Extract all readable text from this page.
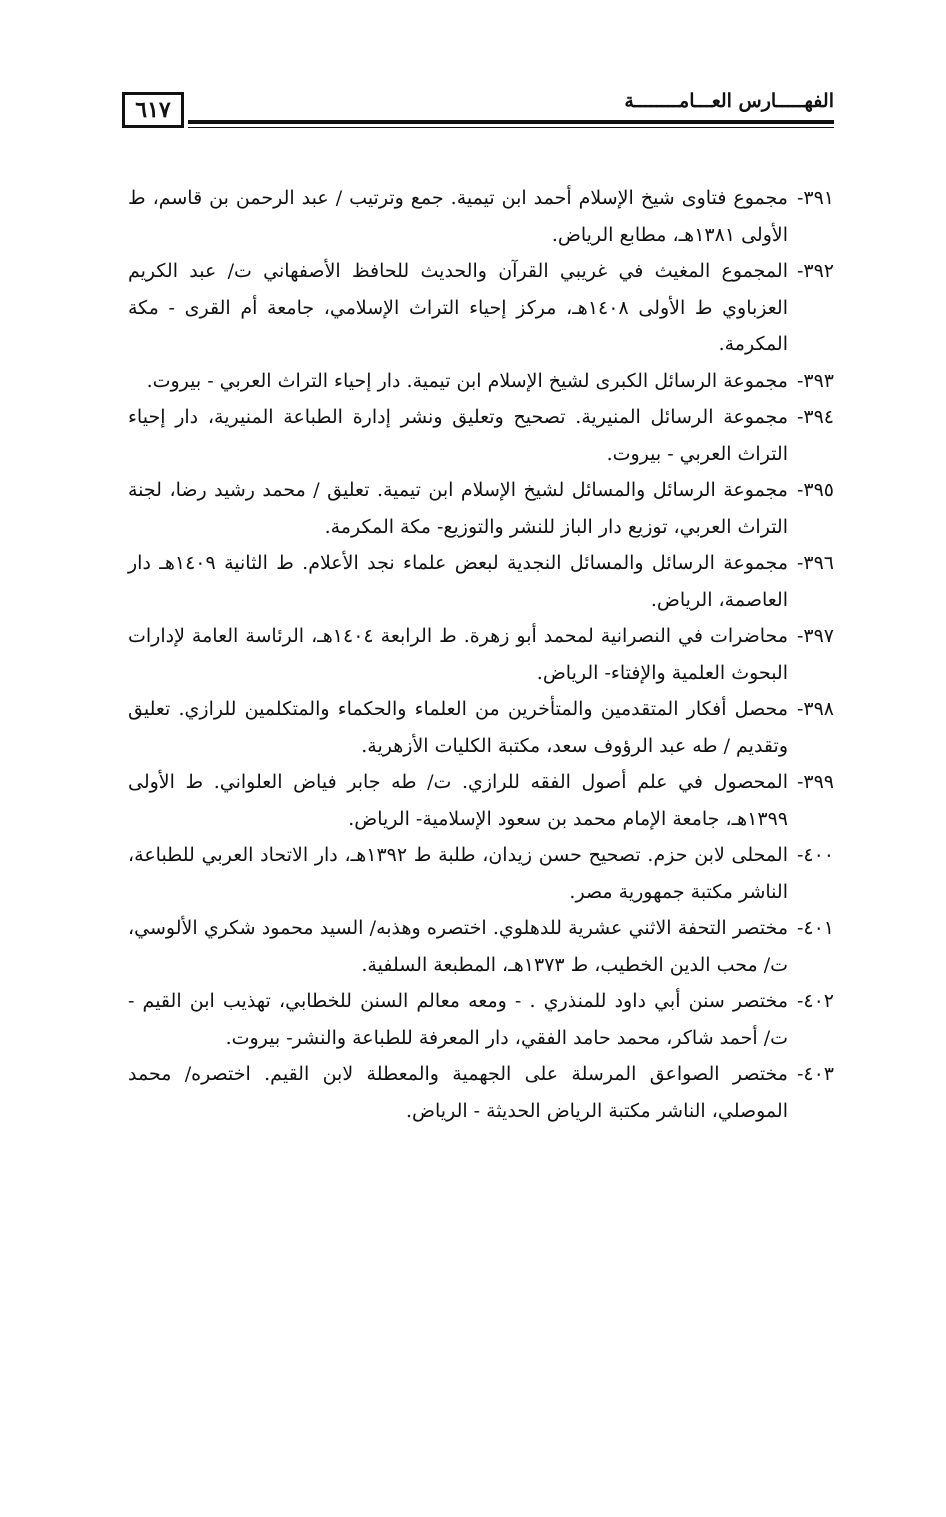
٦١٧	الفهـــــارس العـــامــــــــة

٣٩١-
مجموع فتاوى شيخ الإسلام أحمد ابن تيمية. جمع وترتيب / عبد الرحمن بن قاسم، ط الأولى ١٣٨١هـ، مطابع الرياض.

٣٩٢-
المجموع المغيث في غريبي القرآن والحديث للحافظ الأصفهاني ت/ عبد الكريم العزباوي ط الأولى ١٤٠٨هـ، مركز إحياء التراث الإسلامي، جامعة أم القرى - مكة المكرمة.

٣٩٣-
مجموعة الرسائل الكبرى لشيخ الإسلام ابن تيمية. دار إحياء التراث العربي - بيروت.

٣٩٤-
مجموعة الرسائل المنيرية. تصحيح وتعليق ونشر إدارة الطباعة المنيرية، دار إحياء التراث العربي - بيروت.

٣٩٥-
مجموعة الرسائل والمسائل لشيخ الإسلام ابن تيمية. تعليق / محمد رشيد رضا، لجنة التراث العربي، توزيع دار الباز للنشر والتوزيع- مكة المكرمة.

٣٩٦-
مجموعة الرسائل والمسائل النجدية لبعض علماء نجد الأعلام. ط الثانية ١٤٠٩هـ دار العاصمة، الرياض.

٣٩٧-
محاضرات في النصرانية لمحمد أبو زهرة. ط الرابعة ١٤٠٤هـ، الرئاسة العامة لإدارات البحوث العلمية والإفتاء- الرياض.

٣٩٨-
محصل أفكار المتقدمين والمتأخرين من العلماء والحكماء والمتكلمين للرازي. تعليق وتقديم / طه عبد الرؤوف سعد، مكتبة الكليات الأزهرية.

٣٩٩-
المحصول في علم أصول الفقه للرازي. ت/ طه جابر فياض العلواني. ط الأولى ١٣٩٩هـ، جامعة الإمام محمد بن سعود الإسلامية- الرياض.

٤٠٠-
المحلى لابن حزم. تصحيح حسن زيدان، طلبة ط ١٣٩٢هـ، دار الاتحاد العربي للطباعة، الناشر مكتبة جمهورية مصر.

٤٠١-
مختصر التحفة الاثني عشرية للدهلوي. اختصره وهذبه/ السيد محمود شكري الألوسي، ت/ محب الدين الخطيب، ط ١٣٧٣هـ، المطبعة السلفية.

٤٠٢-
مختصر سنن أبي داود للمنذري . - ومعه معالم السنن للخطابي، تهذيب ابن القيم - ت/ أحمد شاكر، محمد حامد الفقي، دار المعرفة للطباعة والنشر- بيروت.

٤٠٣-
مختصر الصواعق المرسلة على الجهمية والمعطلة لابن القيم. اختصره/ محمد الموصلي، الناشر مكتبة الرياض الحديثة - الرياض.
